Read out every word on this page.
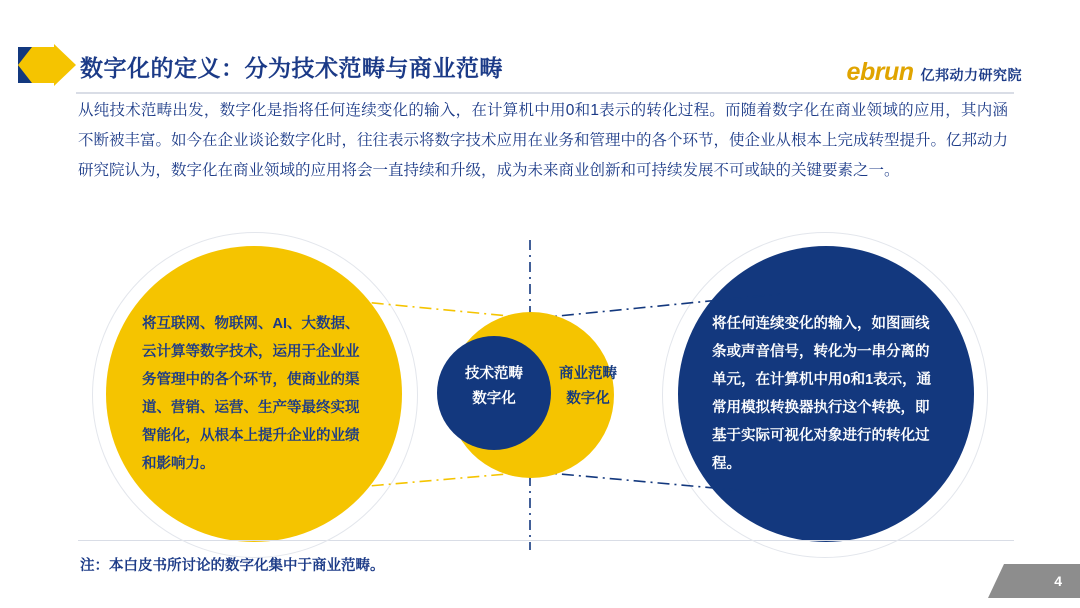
数字化的定义：分为技术范畴与商业范畴	ebrun 亿邦动力研究院
从纯技术范畴出发，数字化是指将任何连续变化的输入，在计算机中用0和1表示的转化过程。而随着数字化在商业领域的应用，其内涵不断被丰富。如今在企业谈论数字化时，往往表示将数字技术应用在业务和管理中的各个环节，使企业从根本上完成转型提升。亿邦动力研究院认为，数字化在商业领域的应用将会一直持续和升级，成为未来商业创新和可持续发展不可或缺的关键要素之一。
将互联网、物联网、AI、大数据、云计算等数字技术，运用于企业业务管理中的各个环节，使商业的渠道、营销、运营、生产等最终实现智能化，从根本上提升企业的业绩和影响力。
将任何连续变化的输入，如图画线条或声音信号，转化为一串分离的单元，在计算机中用0和1表示，通常用模拟转换器执行这个转换，即基于实际可视化对象进行的转化过程。
技术范畴
数字化
商业范畴
数字化
注：本白皮书所讨论的数字化集中于商业范畴。
4
